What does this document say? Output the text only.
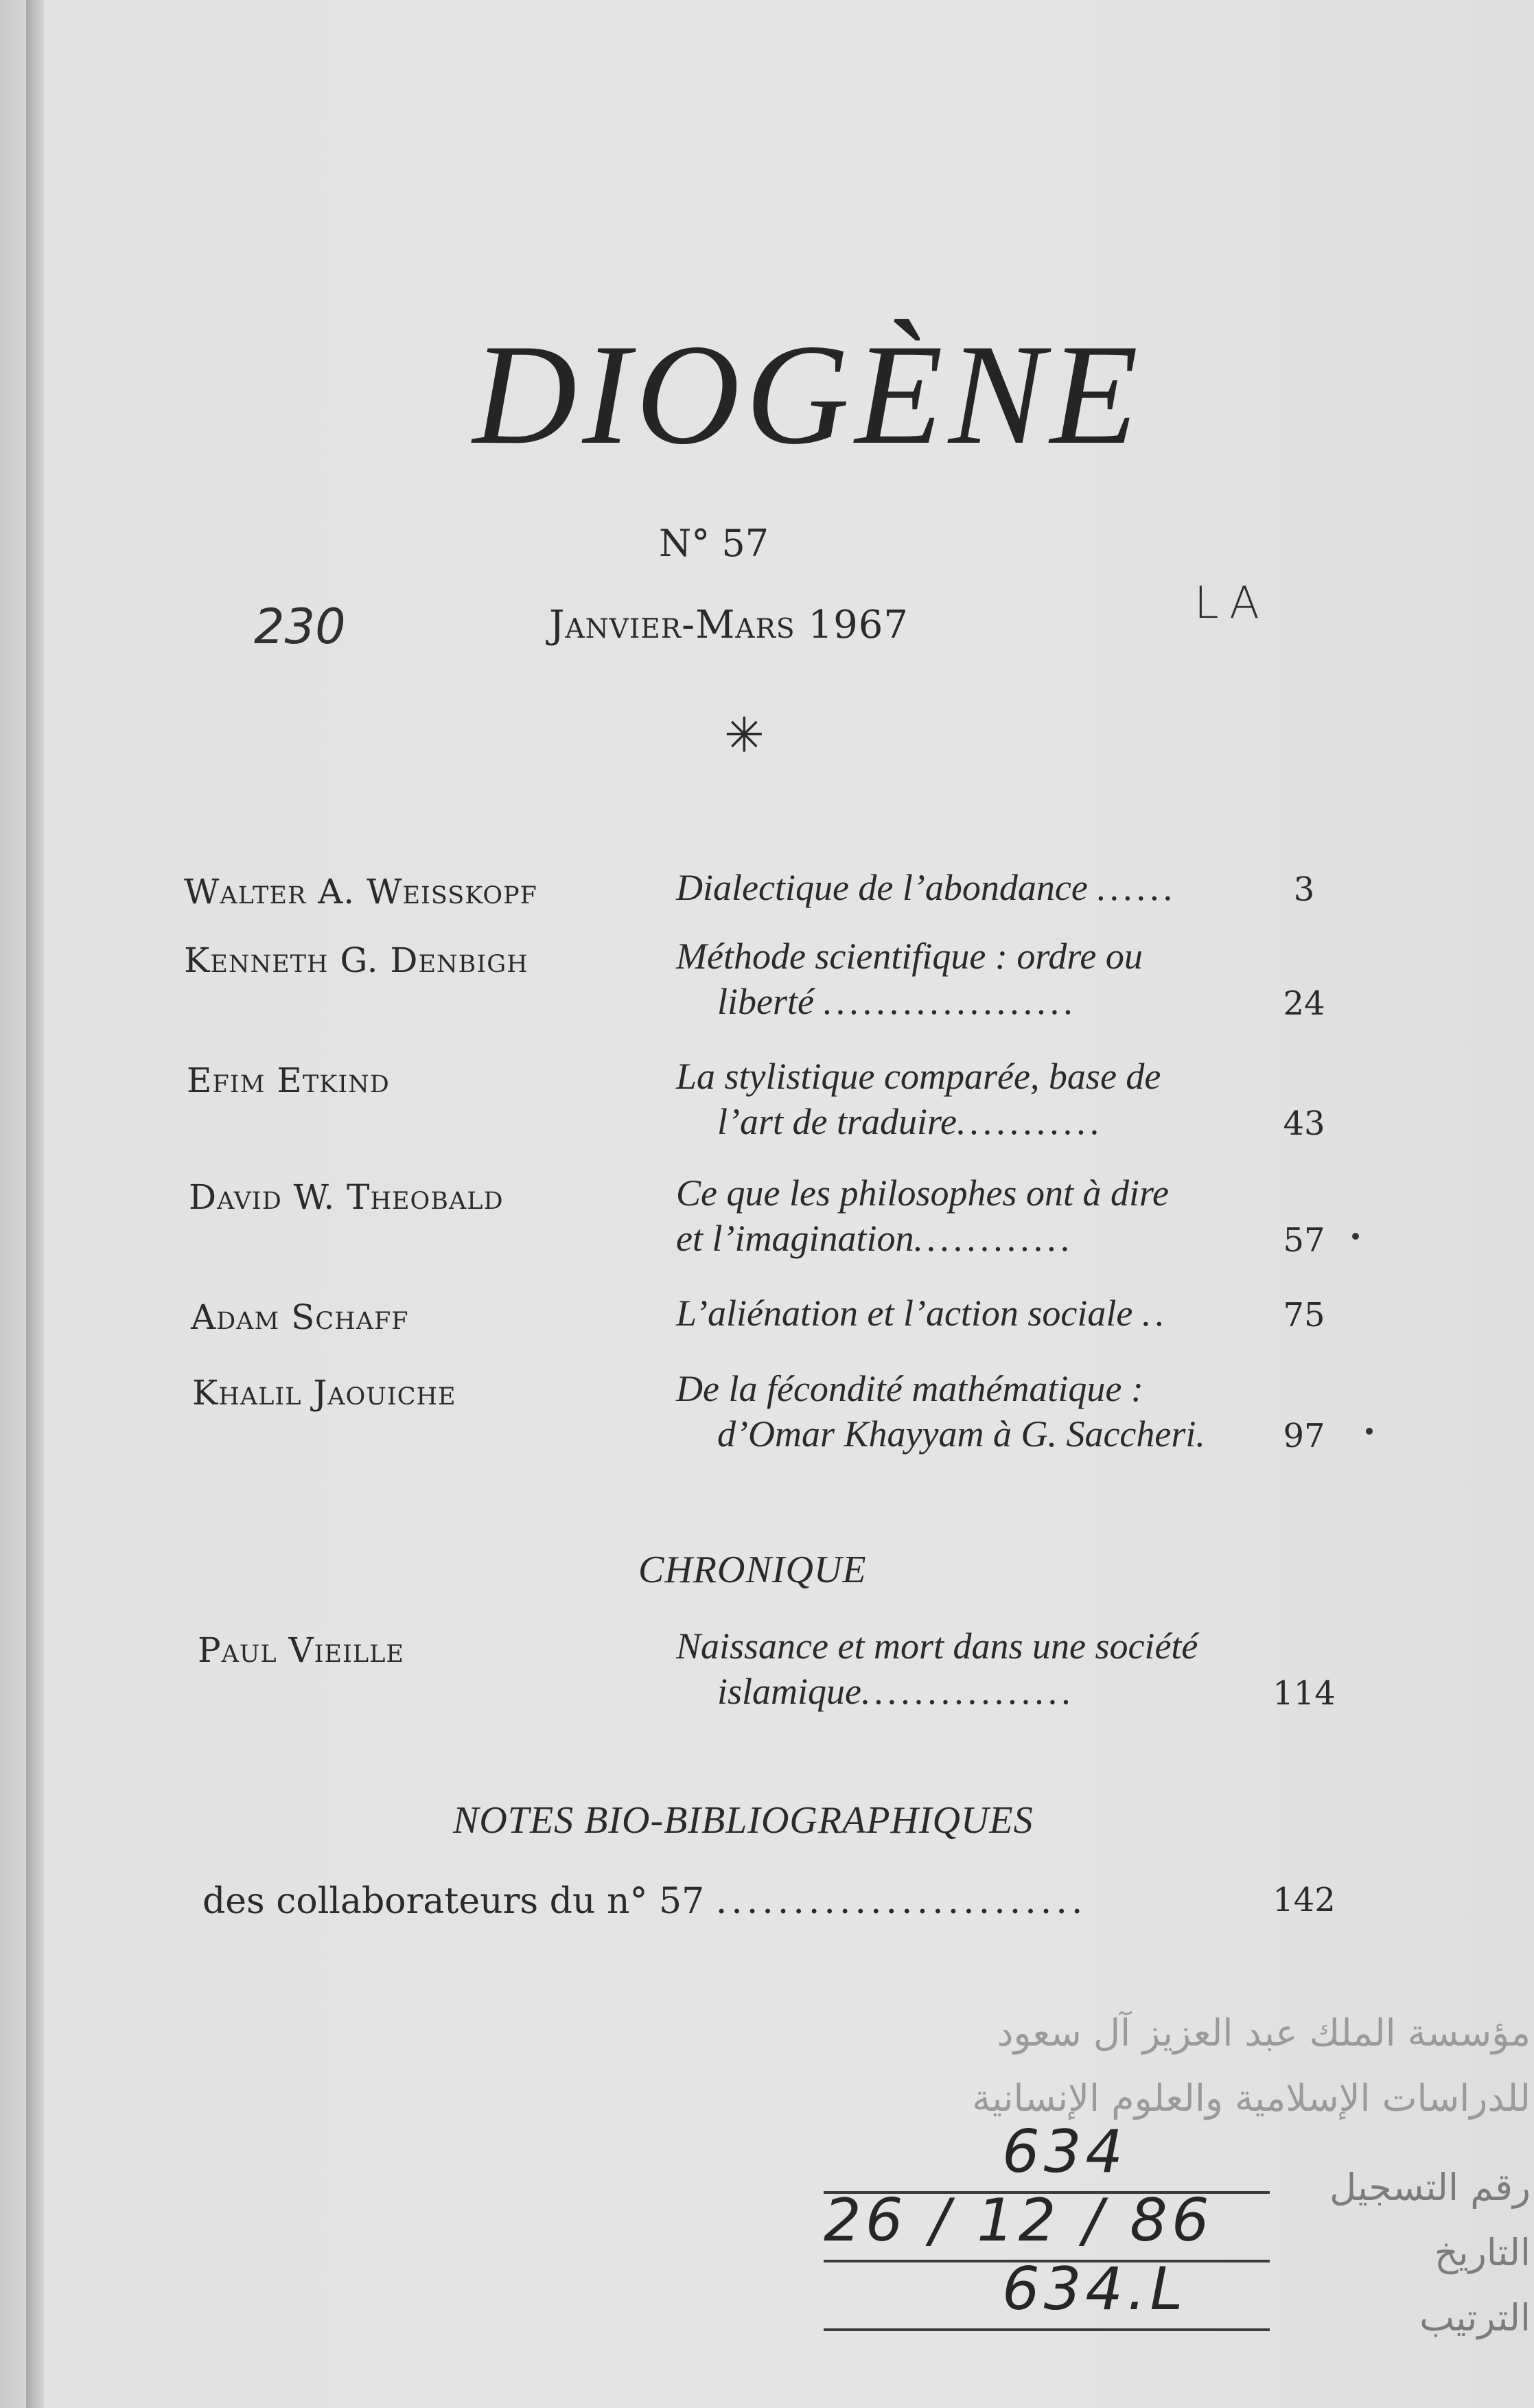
DIOGÈNE
N° 57
Janvier-Mars 1967
230	LA
✳
Walter A. Weisskopf	Dialectique de l’abondance ......	3
Kenneth G. Denbigh	Méthode scientifique : ordre ou
liberté ...................	24
Efim Etkind	La stylistique comparée, base de
l’art de traduire...........	43
David W. Theobald	Ce que les philosophes ont à dire
et l’imagination............	57
Adam Schaff	L’aliénation et l’action sociale ..	75
Khalil Jaouiche	De la fécondité mathématique :
d’Omar Khayyam à G. Saccheri.	97
CHRONIQUE
Paul Vieille	Naissance et mort dans une société
islamique................	114
NOTES BIO-BIBLIOGRAPHIQUES
des collaborateurs du n° 57 ........................	142
مؤسسة الملك عبد العزيز آل سعود
للدراسات الإسلامية والعلوم الإنسانية
رقم التسجيل
التاريخ
الترتيب
634
26 / 12 / 86
634.L
